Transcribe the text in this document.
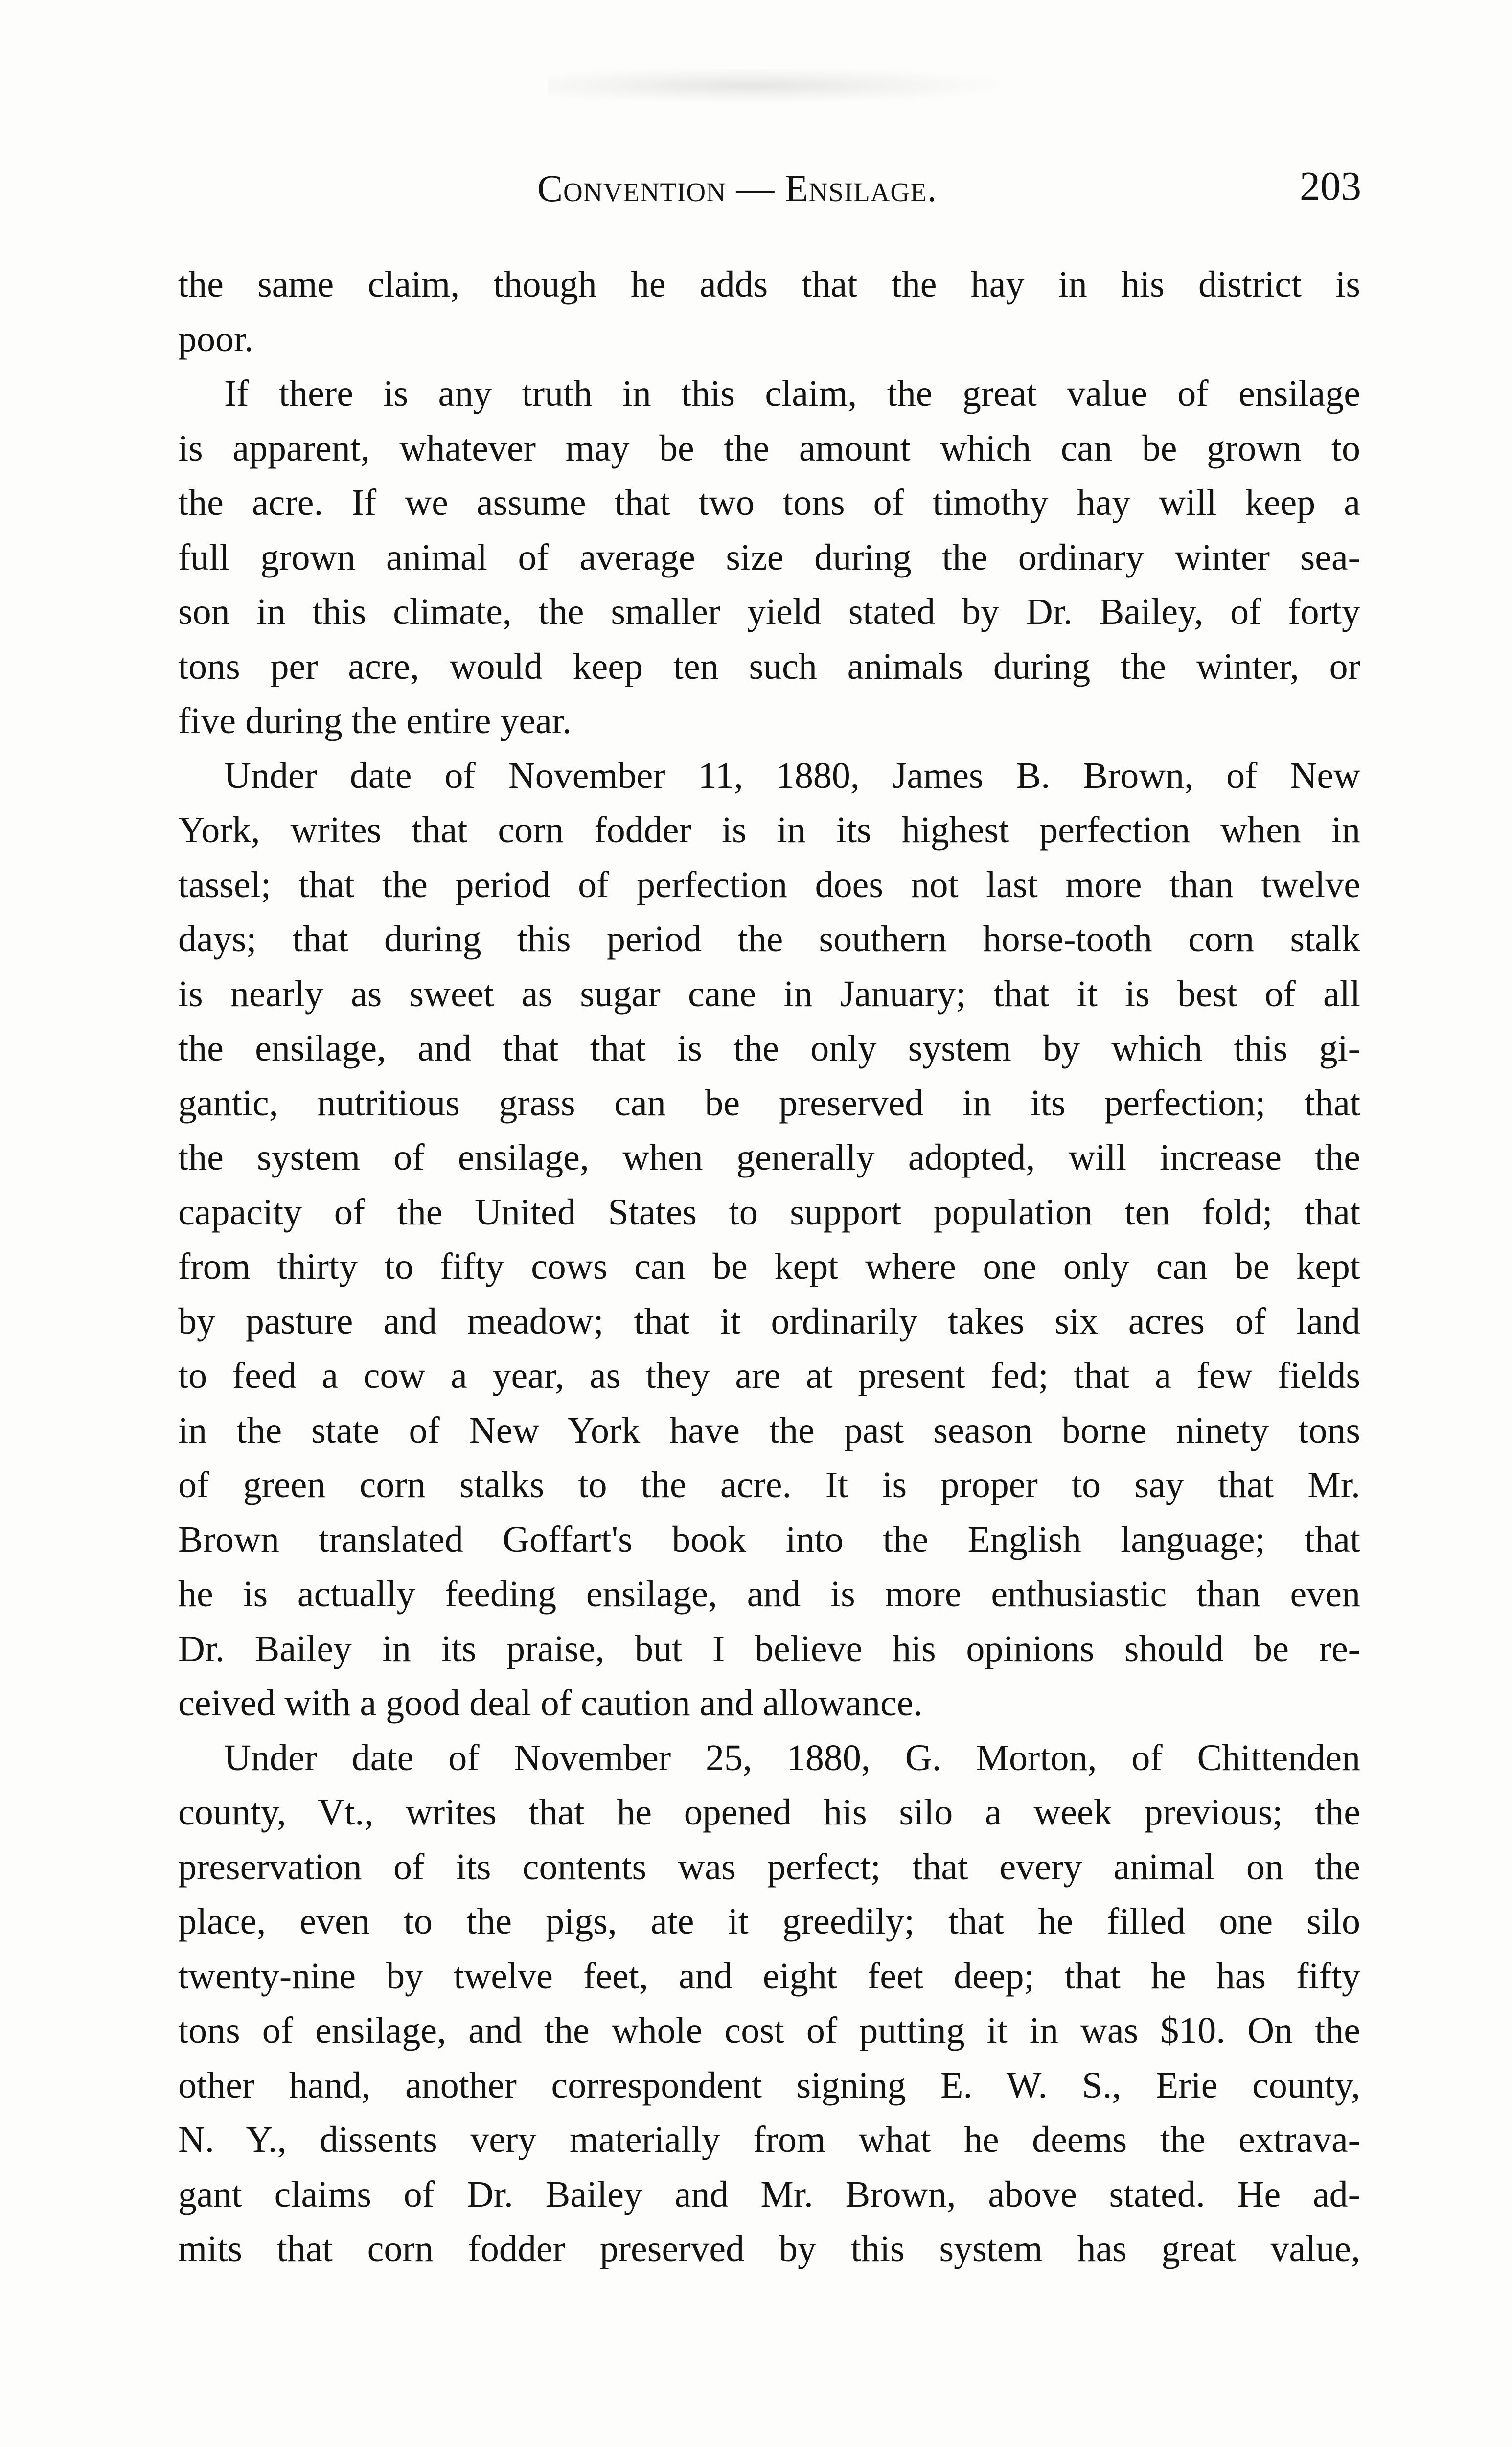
Convention — Ensilage.	203
the same claim, though he adds that the hay in his district is
poor.
If there is any truth in this claim, the great value of ensilage
is apparent, whatever may be the amount which can be grown to
the acre. If we assume that two tons of timothy hay will keep a
full grown animal of average size during the ordinary winter sea-
son in this climate, the smaller yield stated by Dr. Bailey, of forty
tons per acre, would keep ten such animals during the winter, or
five during the entire year.
Under date of November 11, 1880, James B. Brown, of New
York, writes that corn fodder is in its highest perfection when in
tassel; that the period of perfection does not last more than twelve
days; that during this period the southern horse-tooth corn stalk
is nearly as sweet as sugar cane in January; that it is best of all
the ensilage, and that that is the only system by which this gi-
gantic, nutritious grass can be preserved in its perfection; that
the system of ensilage, when generally adopted, will increase the
capacity of the United States to support population ten fold; that
from thirty to fifty cows can be kept where one only can be kept
by pasture and meadow; that it ordinarily takes six acres of land
to feed a cow a year, as they are at present fed; that a few fields
in the state of New York have the past season borne ninety tons
of green corn stalks to the acre. It is proper to say that Mr.
Brown translated Goffart's book into the English language; that
he is actually feeding ensilage, and is more enthusiastic than even
Dr. Bailey in its praise, but I believe his opinions should be re-
ceived with a good deal of caution and allowance.
Under date of November 25, 1880, G. Morton, of Chittenden
county, Vt., writes that he opened his silo a week previous; the
preservation of its contents was perfect; that every animal on the
place, even to the pigs, ate it greedily; that he filled one silo
twenty-nine by twelve feet, and eight feet deep; that he has fifty
tons of ensilage, and the whole cost of putting it in was $10. On the
other hand, another correspondent signing E. W. S., Erie county,
N. Y., dissents very materially from what he deems the extrava-
gant claims of Dr. Bailey and Mr. Brown, above stated. He ad-
mits that corn fodder preserved by this system has great value,
